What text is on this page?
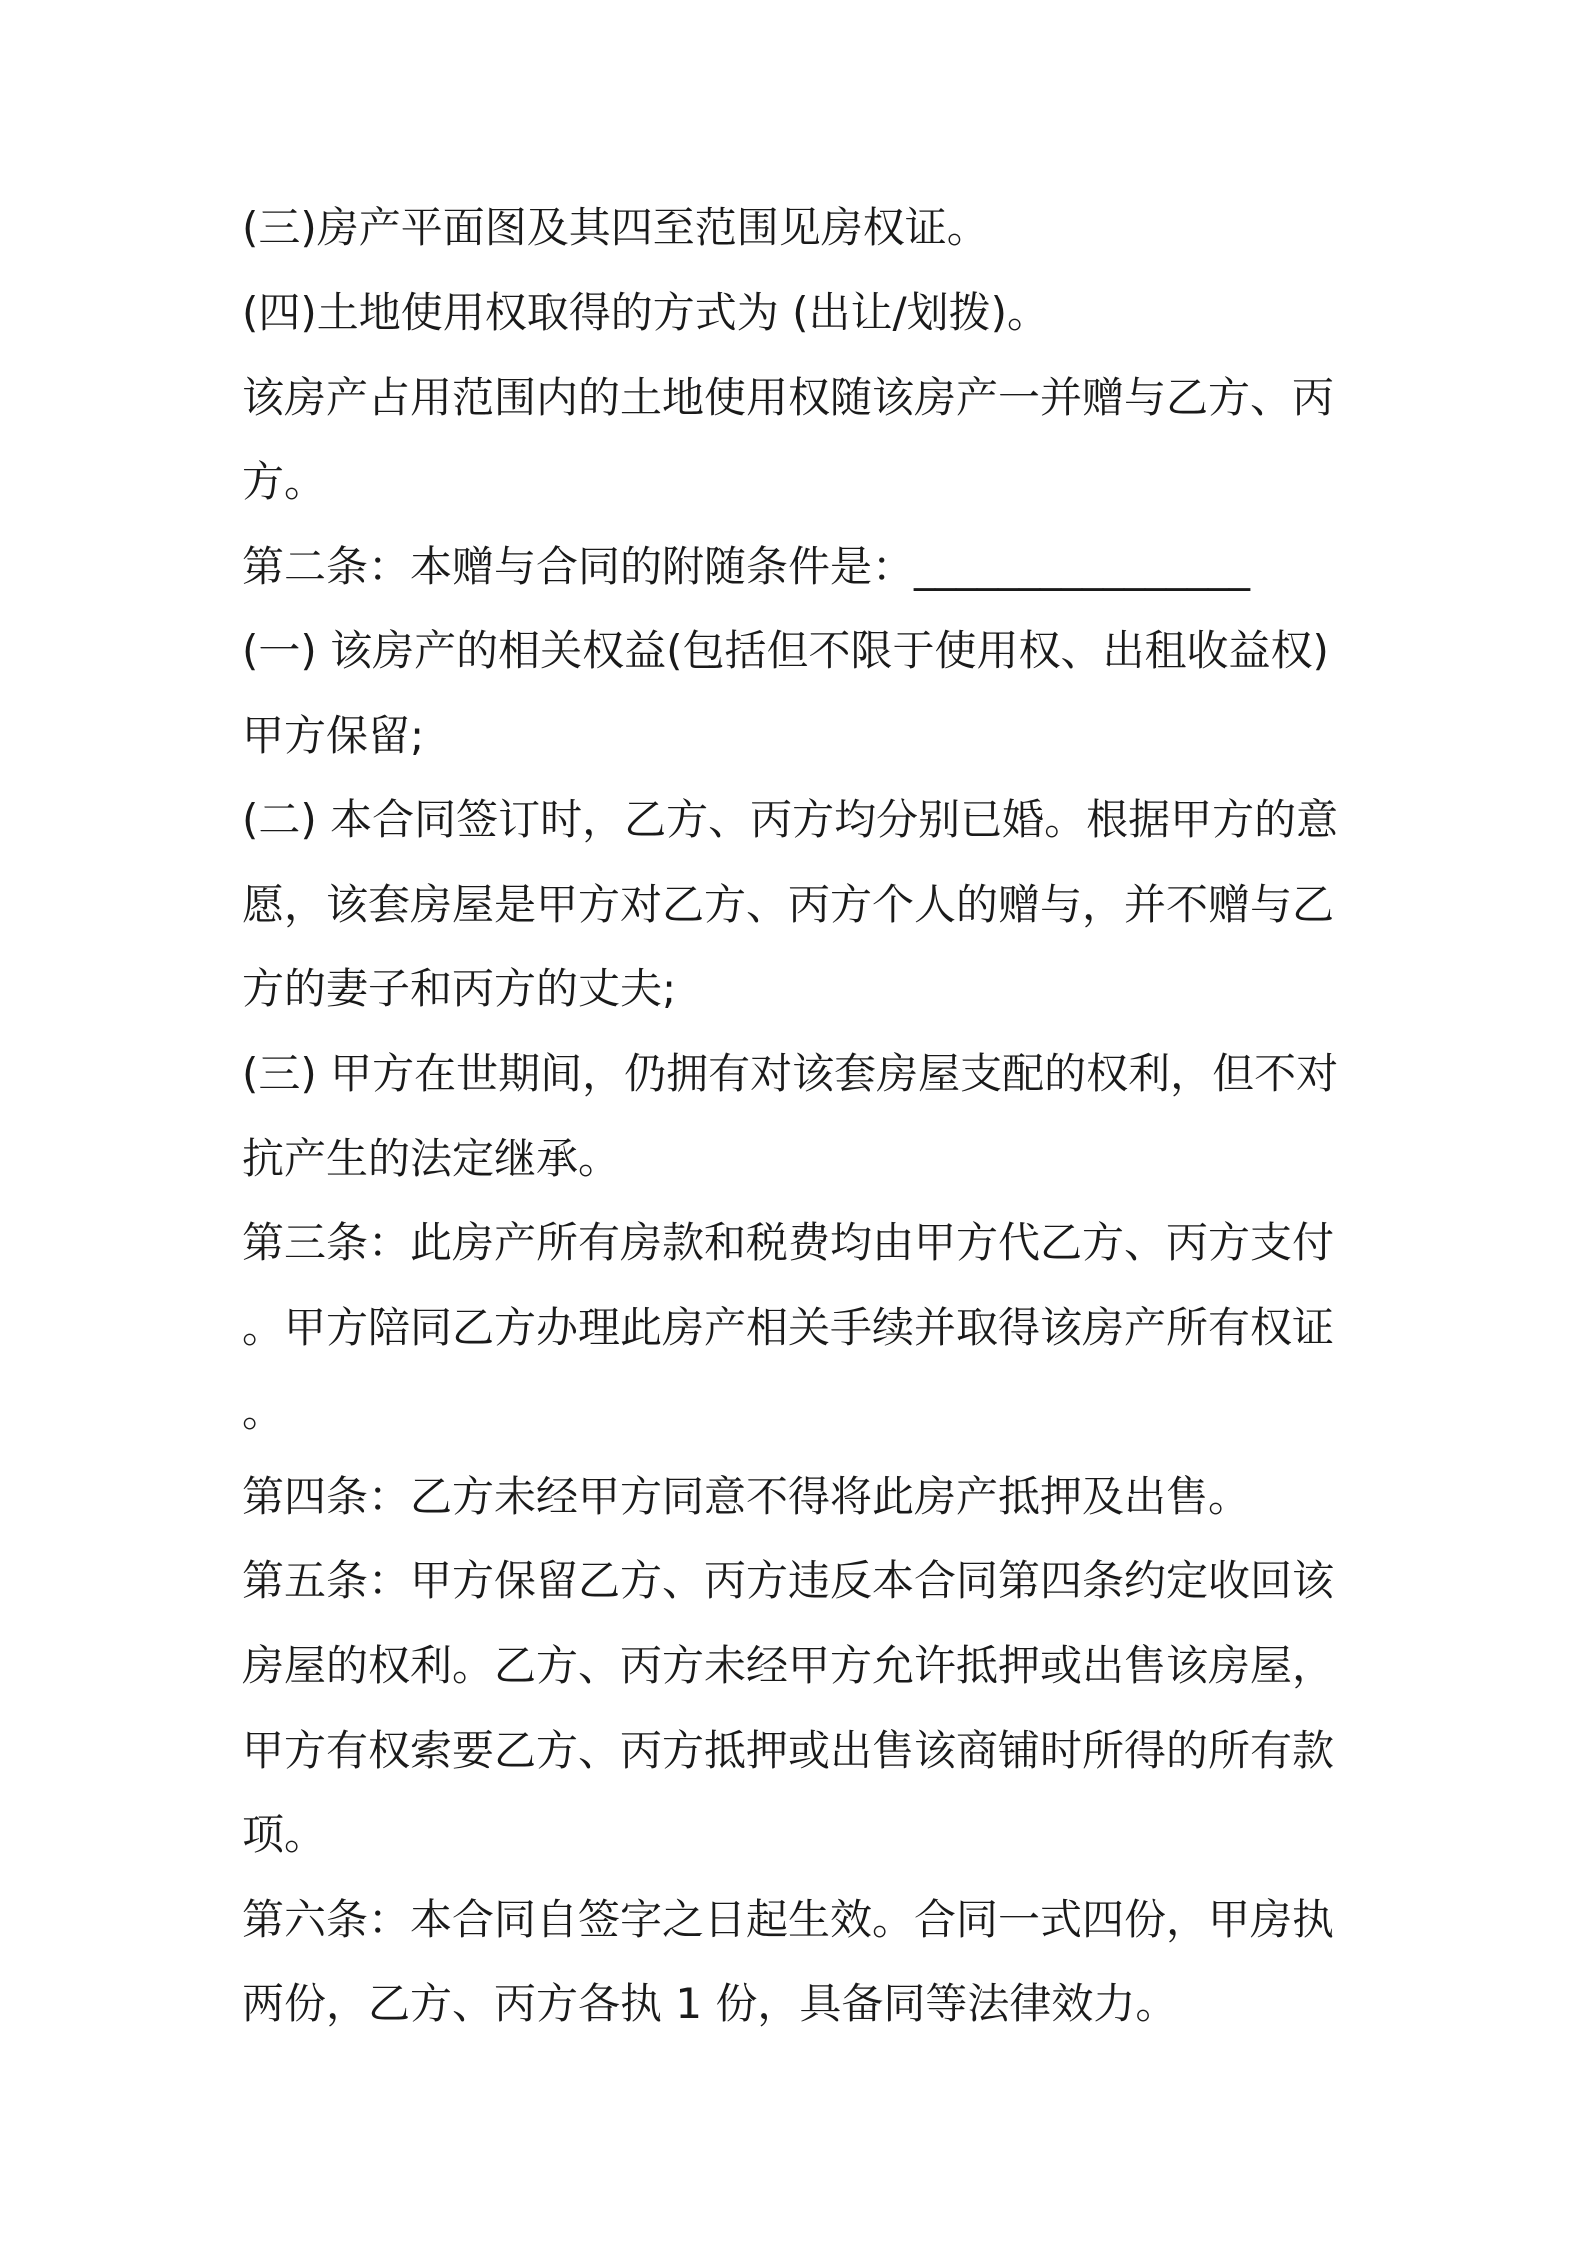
(三)房产平面图及其四至范围见房权证。
(四)土地使用权取得的方式为 (出让/划拨)。
该房产占用范围内的土地使用权随该房产一并赠与乙方、丙
方。
第二条：本赠与合同的附随条件是：________________
(一) 该房产的相关权益(包括但不限于使用权、出租收益权)
甲方保留;
(二) 本合同签订时，乙方、丙方均分别已婚。根据甲方的意
愿，该套房屋是甲方对乙方、丙方个人的赠与，并不赠与乙
方的妻子和丙方的丈夫;
(三) 甲方在世期间，仍拥有对该套房屋支配的权利，但不对
抗产生的法定继承。
第三条：此房产所有房款和税费均由甲方代乙方、丙方支付
。甲方陪同乙方办理此房产相关手续并取得该房产所有权证
。
第四条：乙方未经甲方同意不得将此房产抵押及出售。
第五条：甲方保留乙方、丙方违反本合同第四条约定收回该
房屋的权利。乙方、丙方未经甲方允许抵押或出售该房屋，
甲方有权索要乙方、丙方抵押或出售该商铺时所得的所有款
项。
第六条：本合同自签字之日起生效。合同一式四份，甲房执
两份，乙方、丙方各执 1 份，具备同等法律效力。
